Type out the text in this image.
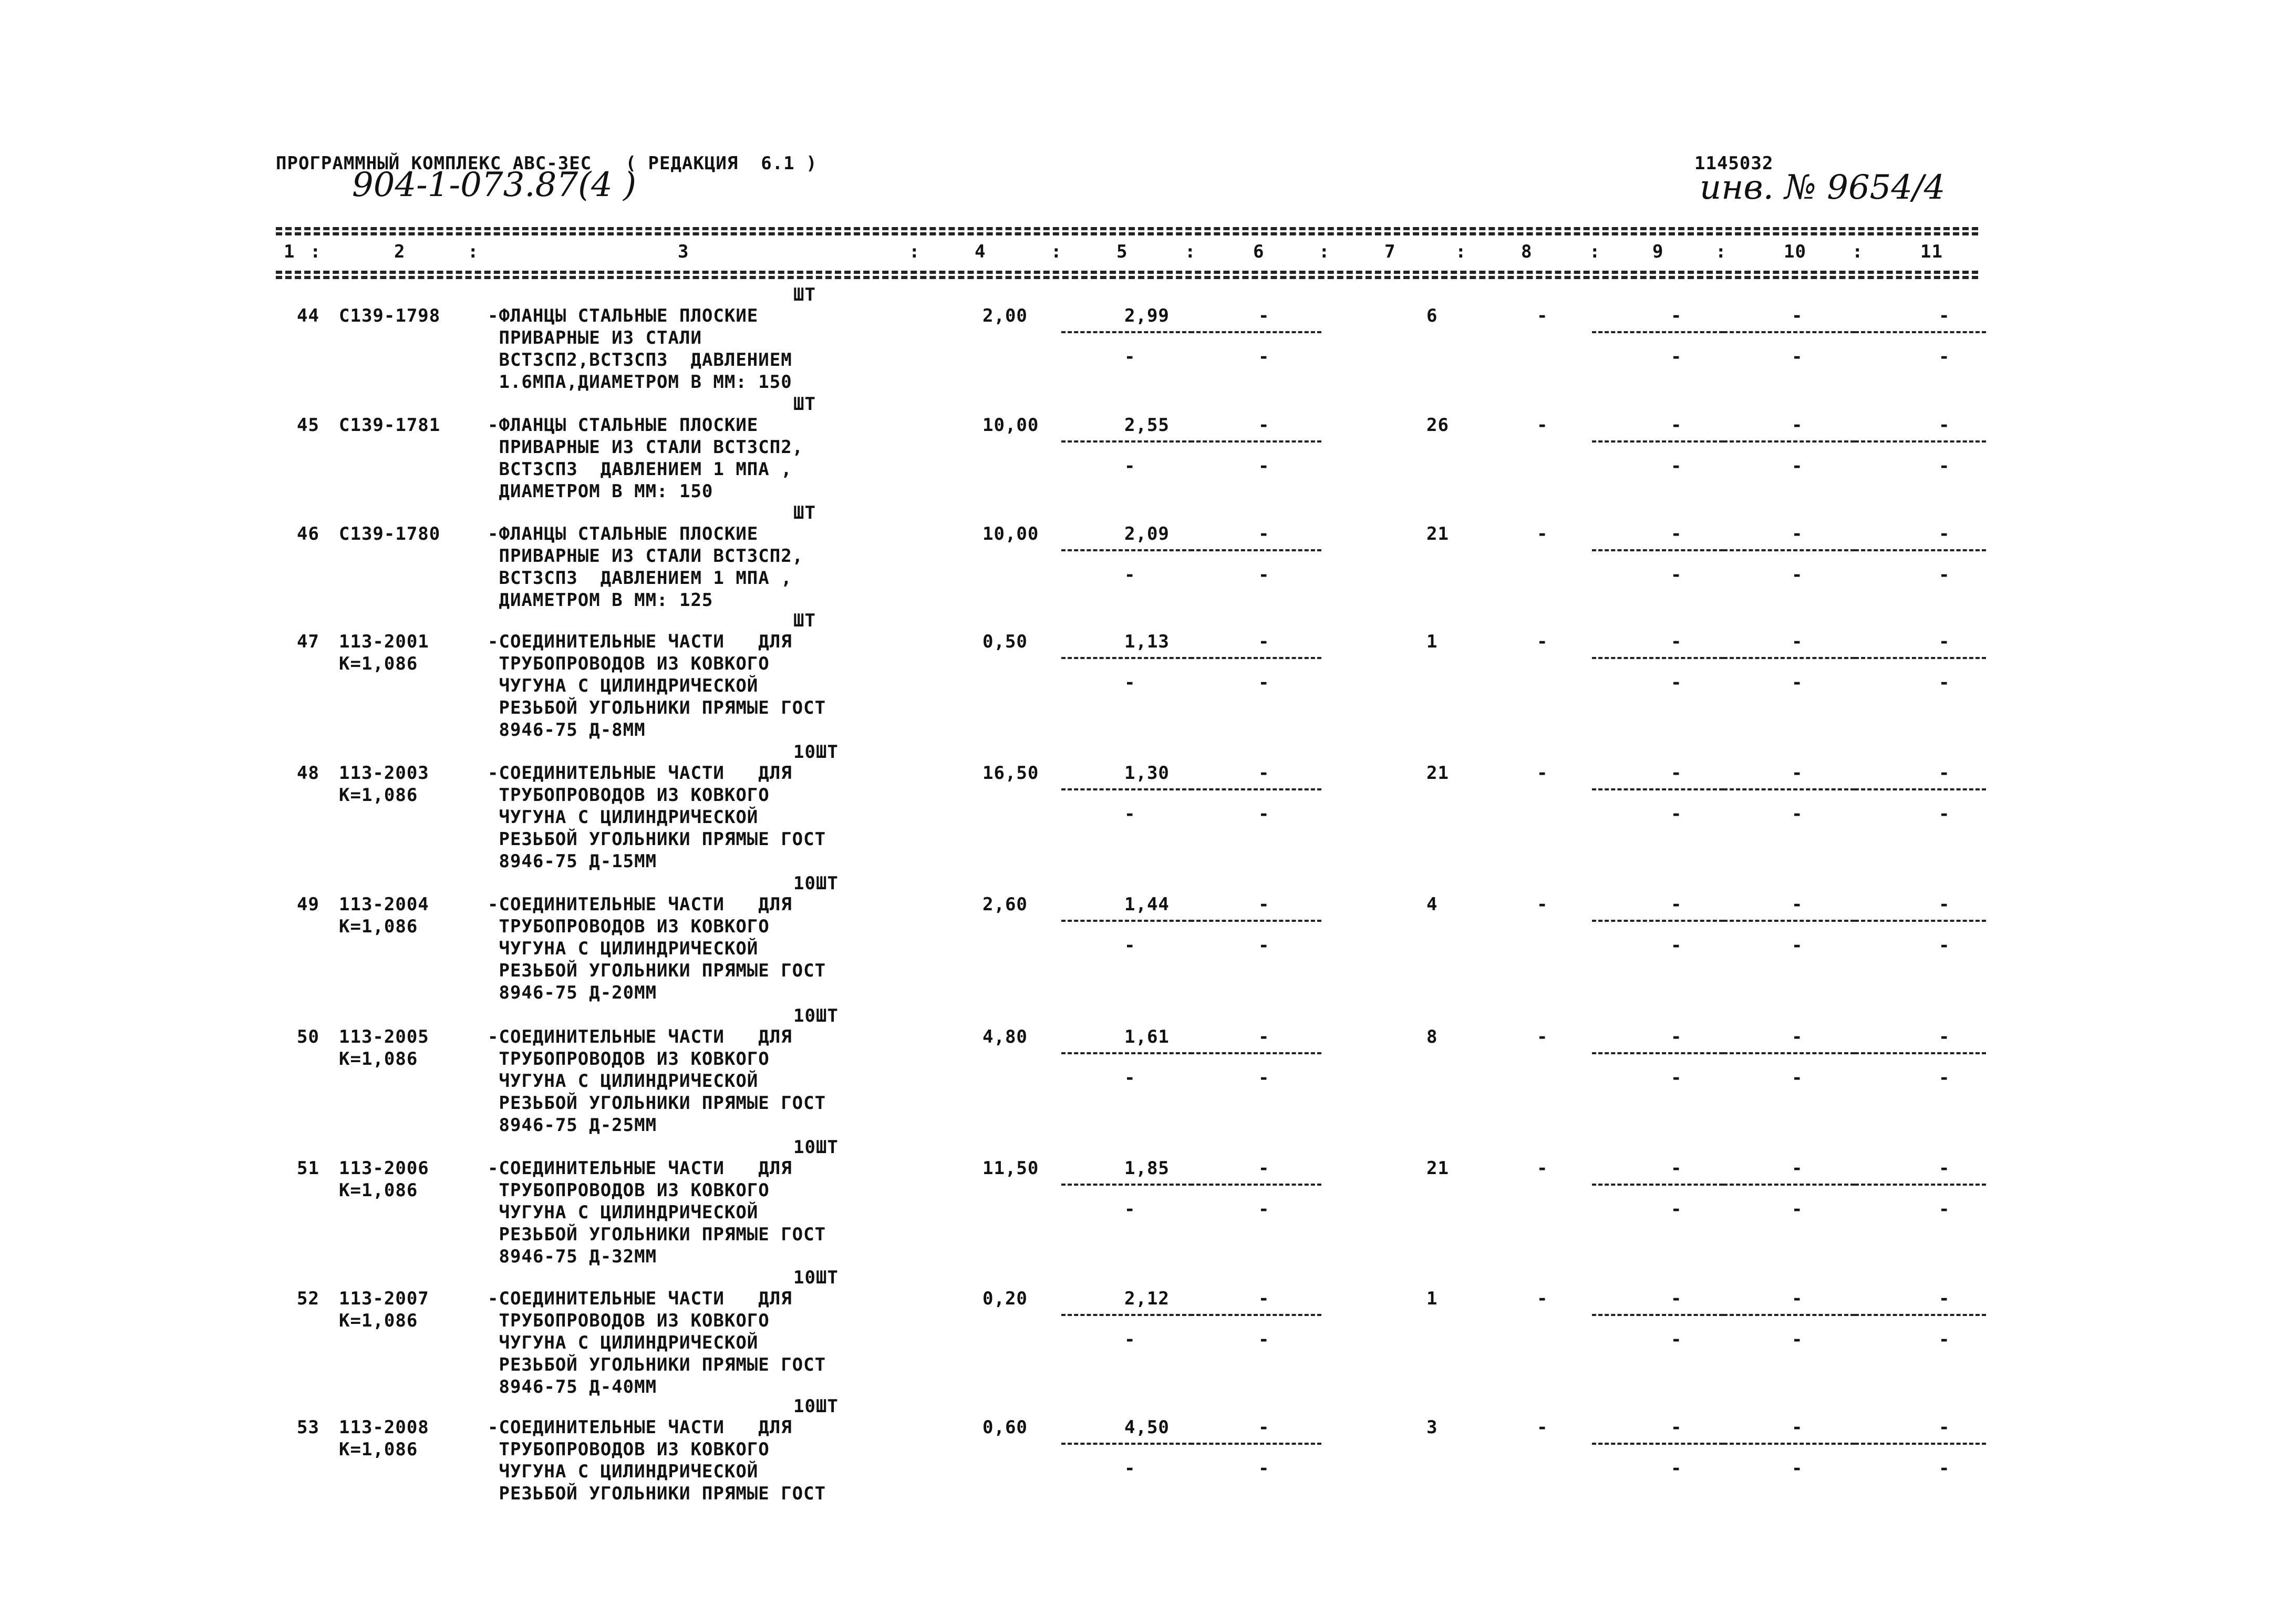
ПРОГРАММНЫЙ КОМПЛЕКС АВС-ЗЕС   ( РЕДАКЦИЯ  6.1 )
904-1-073.87(4 )
1145032
инв. № 9654/4
1 :	2	:	3	:	4	:	5	:	6	:	7	:	8	:	9	:	10	:	11
ШТ
44 С139-1798	-ФЛАНЦЫ СТАЛЬНЫЕ ПЛОСКИЕ
ПРИВАРНЫЕ ИЗ СТАЛИ
ВСТ3СП2,ВСТ3СП3  ДАВЛЕНИЕМ
1.6МПА,ДИАМЕТРОМ В ММ: 150
2,00	2,99	-	6	-	-	-	-
-	-	-	-	-
ШТ
45 С139-1781	-ФЛАНЦЫ СТАЛЬНЫЕ ПЛОСКИЕ
ПРИВАРНЫЕ ИЗ СТАЛИ ВСТ3СП2,
ВСТ3СП3  ДАВЛЕНИЕМ 1 МПА ,
ДИАМЕТРОМ В ММ: 150
10,00	2,55	-	26	-	-	-	-
-	-	-	-	-
ШТ
46 С139-1780	-ФЛАНЦЫ СТАЛЬНЫЕ ПЛОСКИЕ
ПРИВАРНЫЕ ИЗ СТАЛИ ВСТ3СП2,
ВСТ3СП3  ДАВЛЕНИЕМ 1 МПА ,
ДИАМЕТРОМ В ММ: 125
10,00	2,09	-	21	-	-	-	-
-	-	-	-	-
ШТ
47 113-2001
К=1,086
-СОЕДИНИТЕЛЬНЫЕ ЧАСТИ   ДЛЯ
ТРУБОПРОВОДОВ ИЗ КОВКОГО
ЧУГУНА С ЦИЛИНДРИЧЕСКОЙ
РЕЗЬБОЙ УГОЛЬНИКИ ПРЯМЫЕ ГОСТ
8946-75 Д-8ММ
0,50	1,13	-	1	-	-	-	-
-	-	-	-	-
10ШТ
48 113-2003
К=1,086
-СОЕДИНИТЕЛЬНЫЕ ЧАСТИ   ДЛЯ
ТРУБОПРОВОДОВ ИЗ КОВКОГО
ЧУГУНА С ЦИЛИНДРИЧЕСКОЙ
РЕЗЬБОЙ УГОЛЬНИКИ ПРЯМЫЕ ГОСТ
8946-75 Д-15ММ
16,50	1,30	-	21	-	-	-	-
-	-	-	-	-
10ШТ
49 113-2004
К=1,086
-СОЕДИНИТЕЛЬНЫЕ ЧАСТИ   ДЛЯ
ТРУБОПРОВОДОВ ИЗ КОВКОГО
ЧУГУНА С ЦИЛИНДРИЧЕСКОЙ
РЕЗЬБОЙ УГОЛЬНИКИ ПРЯМЫЕ ГОСТ
8946-75 Д-20ММ
2,60	1,44	-	4	-	-	-	-
-	-	-	-	-
10ШТ
50 113-2005
К=1,086
-СОЕДИНИТЕЛЬНЫЕ ЧАСТИ   ДЛЯ
ТРУБОПРОВОДОВ ИЗ КОВКОГО
ЧУГУНА С ЦИЛИНДРИЧЕСКОЙ
РЕЗЬБОЙ УГОЛЬНИКИ ПРЯМЫЕ ГОСТ
8946-75 Д-25ММ
4,80	1,61	-	8	-	-	-	-
-	-	-	-	-
10ШТ
51 113-2006
К=1,086
-СОЕДИНИТЕЛЬНЫЕ ЧАСТИ   ДЛЯ
ТРУБОПРОВОДОВ ИЗ КОВКОГО
ЧУГУНА С ЦИЛИНДРИЧЕСКОЙ
РЕЗЬБОЙ УГОЛЬНИКИ ПРЯМЫЕ ГОСТ
8946-75 Д-32ММ
11,50	1,85	-	21	-	-	-	-
-	-	-	-	-
10ШТ
52 113-2007
К=1,086
-СОЕДИНИТЕЛЬНЫЕ ЧАСТИ   ДЛЯ
ТРУБОПРОВОДОВ ИЗ КОВКОГО
ЧУГУНА С ЦИЛИНДРИЧЕСКОЙ
РЕЗЬБОЙ УГОЛЬНИКИ ПРЯМЫЕ ГОСТ
8946-75 Д-40ММ
0,20	2,12	-	1	-	-	-	-
-	-	-	-	-
10ШТ
53 113-2008
К=1,086
-СОЕДИНИТЕЛЬНЫЕ ЧАСТИ   ДЛЯ
ТРУБОПРОВОДОВ ИЗ КОВКОГО
ЧУГУНА С ЦИЛИНДРИЧЕСКОЙ
РЕЗЬБОЙ УГОЛЬНИКИ ПРЯМЫЕ ГОСТ
0,60	4,50	-	3	-	-	-	-
-	-	-	-	-
